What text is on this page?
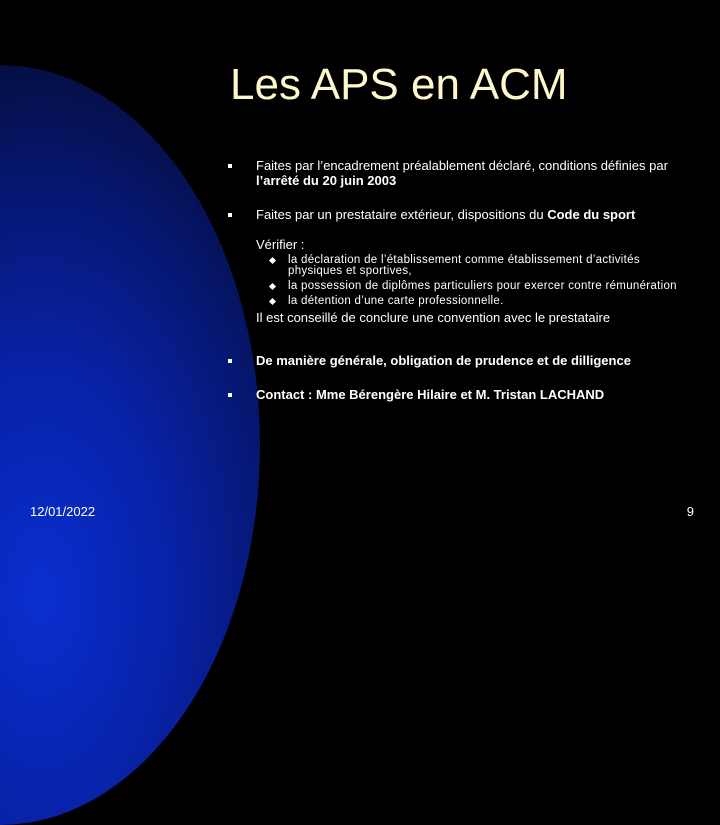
Les APS en ACM
Faites par l’encadrement préalablement déclaré, conditions définies par l’arrêté du 20 juin 2003
Faites par un prestataire extérieur, dispositions du Code du sport
Vérifier :
la déclaration de l’établissement comme établissement d’activités physiques et sportives,
la possession de diplômes particuliers pour exercer contre rémunération
la détention d’une carte professionnelle.
Il est conseillé de conclure une convention avec le prestataire
De manière générale, obligation de prudence et de dilligence
Contact : Mme Bérengère Hilaire et M. Tristan LACHAND
12/01/2022	9
